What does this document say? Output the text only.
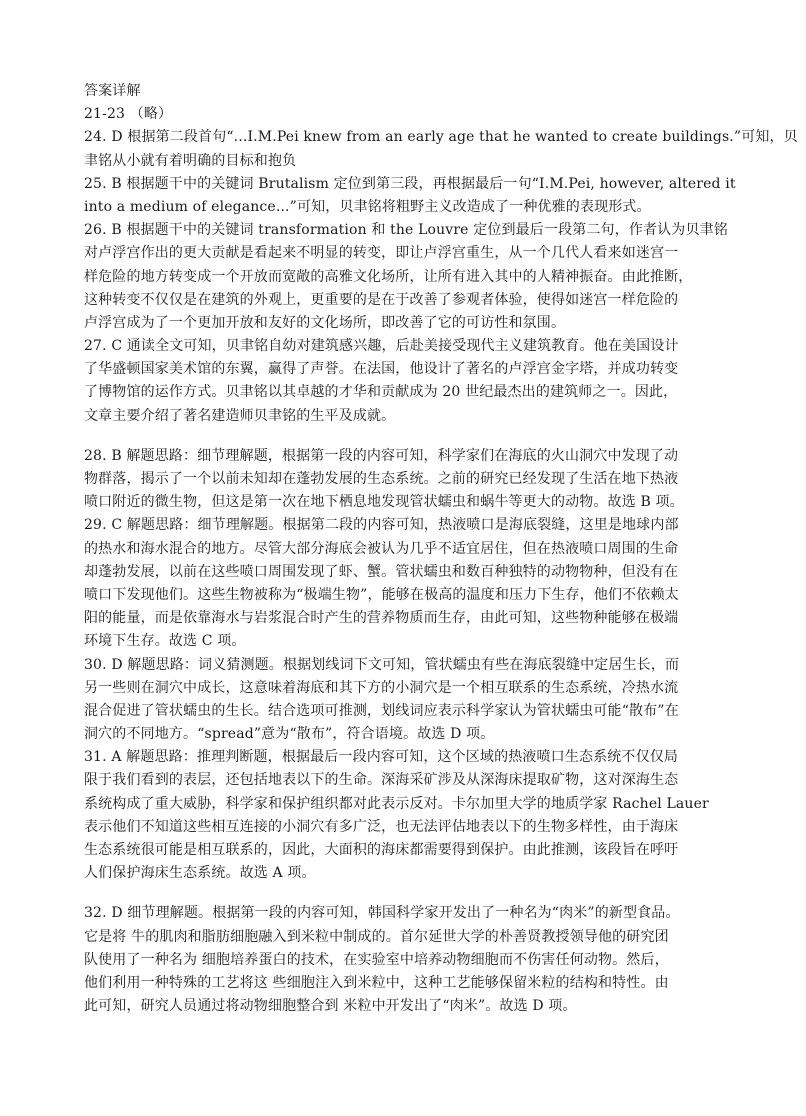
答案详解
21-23 （略）
24. D 根据第二段首句“...I.M.Pei knew from an early age that he wanted to create buildings.”可知，贝
聿铭从小就有着明确的目标和抱负
25. B 根据题干中的关键词 Brutalism 定位到第三段，再根据最后一句“I.M.Pei, however, altered it
into a medium of elegance...”可知，贝聿铭将粗野主义改造成了一种优雅的表现形式。
26. B 根据题干中的关键词 transformation 和 the Louvre 定位到最后一段第二句，作者认为贝聿铭
对卢浮宫作出的更大贡献是看起来不明显的转变，即让卢浮宫重生，从一个几代人看来如迷宫一
样危险的地方转变成一个开放而宽敞的高雅文化场所，让所有进入其中的人精神振奋。由此推断，
这种转变不仅仅是在建筑的外观上，更重要的是在于改善了参观者体验，使得如迷宫一样危险的
卢浮宫成为了一个更加开放和友好的文化场所，即改善了它的可访性和氛围。
27. C 通读全文可知，贝聿铭自幼对建筑感兴趣，后赴美接受现代主义建筑教育。他在美国设计
了华盛顿国家美术馆的东翼，赢得了声誉。在法国，他设计了著名的卢浮宫金字塔，并成功转变
了博物馆的运作方式。贝聿铭以其卓越的才华和贡献成为 20 世纪最杰出的建筑师之一。因此，
文章主要介绍了著名建造师贝聿铭的生平及成就。
28. B 解题思路：细节理解题，根据第一段的内容可知，科学家们在海底的火山洞穴中发现了动
物群落，揭示了一个以前未知却在蓬勃发展的生态系统。之前的研究已经发现了生活在地下热液
喷口附近的微生物，但这是第一次在地下栖息地发现管状蠕虫和蜗牛等更大的动物。故选 B 项。
29. C 解题思路：细节理解题。根据第二段的内容可知，热液喷口是海底裂缝，这里是地球内部
的热水和海水混合的地方。尽管大部分海底会被认为几乎不适宜居住，但在热液喷口周围的生命
却蓬勃发展，以前在这些喷口周围发现了虾、蟹。管状蠕虫和数百种独特的动物物种，但没有在
喷口下发现他们。这些生物被称为“极端生物”，能够在极高的温度和压力下生存，他们不依赖太
阳的能量，而是依靠海水与岩浆混合时产生的营养物质而生存，由此可知，这些物种能够在极端
环境下生存。故选 C 项。
30. D 解题思路：词义猜测题。根据划线词下文可知，管状蠕虫有些在海底裂缝中定居生长，而
另一些则在洞穴中成长，这意味着海底和其下方的小洞穴是一个相互联系的生态系统，冷热水流
混合促进了管状蠕虫的生长。结合选项可推测，划线词应表示科学家认为管状蠕虫可能“散布”在
洞穴的不同地方。“spread”意为“散布”，符合语境。故选 D 项。
31. A 解题思路：推理判断题，根据最后一段内容可知，这个区域的热液喷口生态系统不仅仅局
限于我们看到的表层，还包括地表以下的生命。深海采矿涉及从深海床提取矿物，这对深海生态
系统构成了重大威胁，科学家和保护组织都对此表示反对。卡尔加里大学的地质学家 Rachel Lauer
表示他们不知道这些相互连接的小洞穴有多广泛，也无法评估地表以下的生物多样性，由于海床
生态系统很可能是相互联系的，因此，大面积的海床都需要得到保护。由此推测，该段旨在呼吁
人们保护海床生态系统。故选 A 项。
32. D 细节理解题。根据第一段的内容可知，韩国科学家开发出了一种名为“肉米”的新型食品。
它是将 牛的肌肉和脂肪细胞融入到米粒中制成的。首尔延世大学的朴善贤教授领导他的研究团
队使用了一种名为 细胞培养蛋白的技术，在实验室中培养动物细胞而不伤害任何动物。然后，
他们利用一种特殊的工艺将这 些细胞注入到米粒中，这种工艺能够保留米粒的结构和特性。由
此可知，研究人员通过将动物细胞整合到 米粒中开发出了“肉米”。故选 D 项。
